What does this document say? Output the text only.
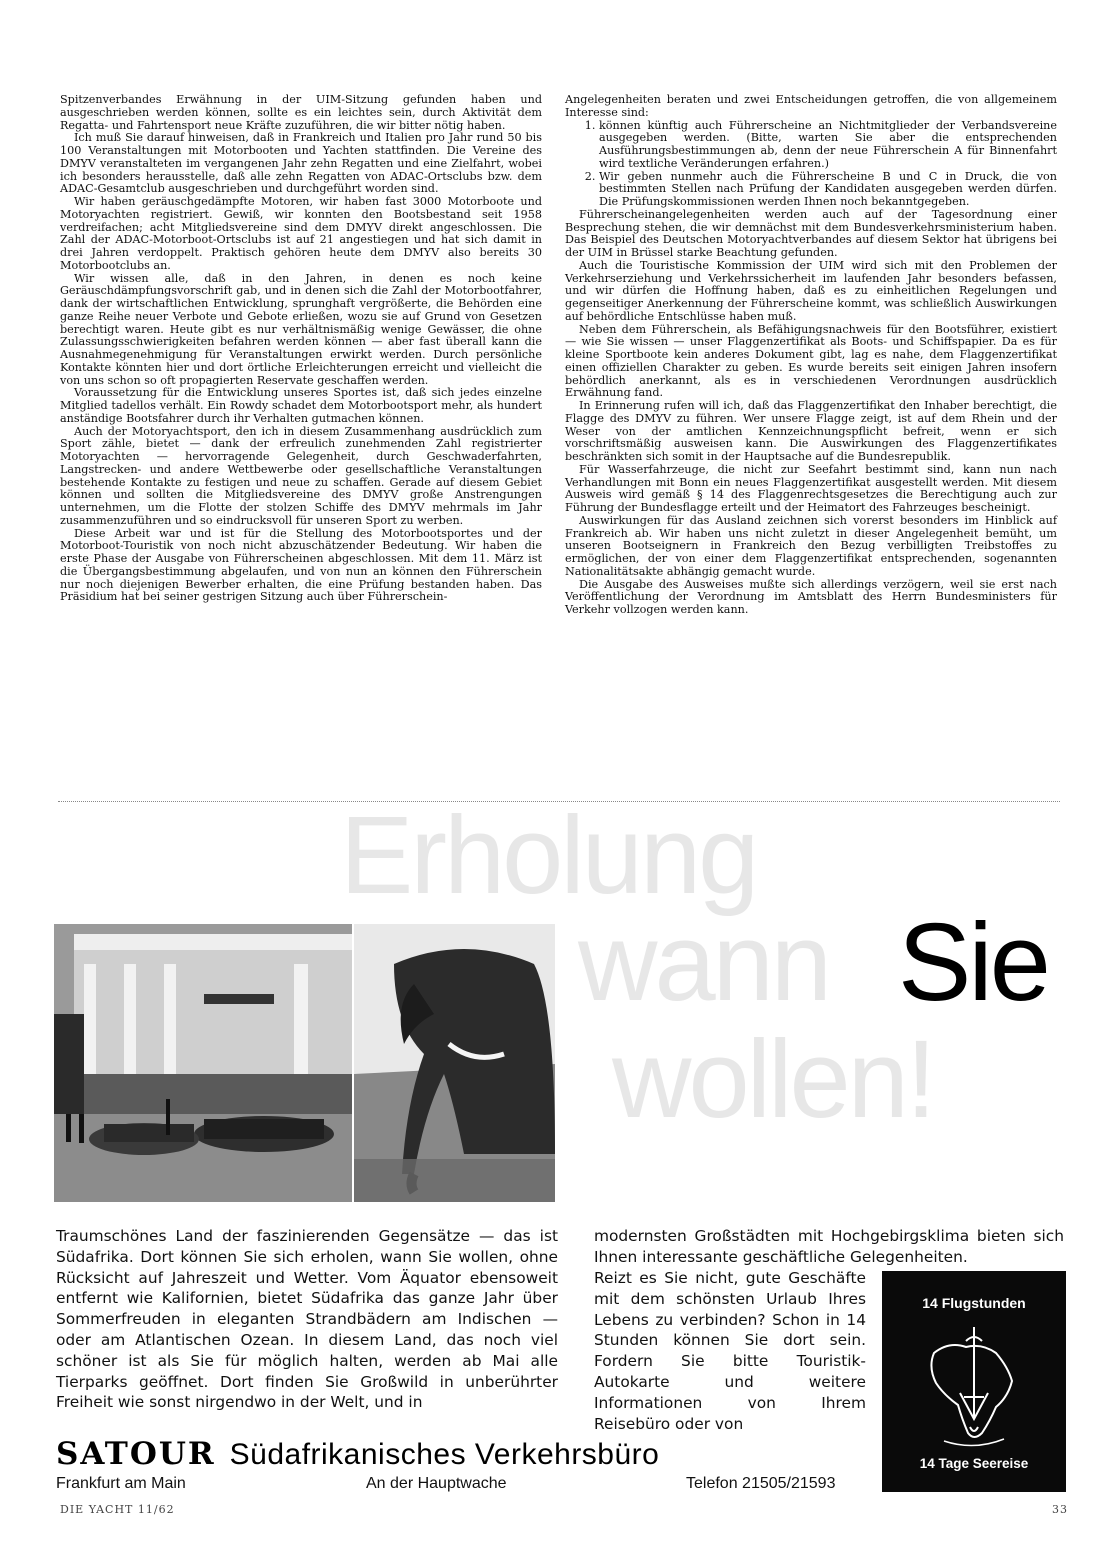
Spitzenverbandes Erwähnung in der UIM-Sitzung gefunden haben und ausgeschrieben werden können, sollte es ein leichtes sein, durch Aktivität dem Regatta- und Fahrtensport neue Kräfte zuzuführen, die wir bitter nötig haben.

Ich muß Sie darauf hinweisen, daß in Frankreich und Italien pro Jahr rund 50 bis 100 Veranstaltungen mit Motorbooten und Yachten stattfinden. Die Vereine des DMYV veranstalteten im vergangenen Jahr zehn Regatten und eine Zielfahrt, wobei ich besonders herausstelle, daß alle zehn Regatten von ADAC-Ortsclubs bzw. dem ADAC-Gesamtclub ausgeschrieben und durchgeführt worden sind.

Wir haben geräuschgedämpfte Motoren, wir haben fast 3000 Motorboote und Motoryachten registriert. Gewiß, wir konnten den Bootsbestand seit 1958 verdreifachen; acht Mitgliedsvereine sind dem DMYV direkt angeschlossen. Die Zahl der ADAC-Motorboot-Ortsclubs ist auf 21 angestiegen und hat sich damit in drei Jahren verdoppelt. Praktisch gehören heute dem DMYV also bereits 30 Motorbootclubs an.

Wir wissen alle, daß in den Jahren, in denen es noch keine Geräuschdämpfungsvorschrift gab, und in denen sich die Zahl der Motorbootfahrer, dank der wirtschaftlichen Entwicklung, sprunghaft vergrößerte, die Behörden eine ganze Reihe neuer Verbote und Gebote erließen, wozu sie auf Grund von Gesetzen berechtigt waren. Heute gibt es nur verhältnismäßig wenige Gewässer, die ohne Zulassungsschwierigkeiten befahren werden können — aber fast überall kann die Ausnahmegenehmigung für Veranstaltungen erwirkt werden. Durch persönliche Kontakte könnten hier und dort örtliche Erleichterungen erreicht und vielleicht die von uns schon so oft propagierten Reservate geschaffen werden.

Voraussetzung für die Entwicklung unseres Sportes ist, daß sich jedes einzelne Mitglied tadellos verhält. Ein Rowdy schadet dem Motorbootsport mehr, als hundert anständige Bootsfahrer durch ihr Verhalten gutmachen können.

Auch der Motoryachtsport, den ich in diesem Zusammenhang ausdrücklich zum Sport zähle, bietet — dank der erfreulich zunehmenden Zahl registrierter Motoryachten — hervorragende Gelegenheit, durch Geschwaderfahrten, Langstrecken- und andere Wettbewerbe oder gesellschaftliche Veranstaltungen bestehende Kontakte zu festigen und neue zu schaffen. Gerade auf diesem Gebiet können und sollten die Mitgliedsvereine des DMYV große Anstrengungen unternehmen, um die Flotte der stolzen Schiffe des DMYV mehrmals im Jahr zusammenzuführen und so eindrucksvoll für unseren Sport zu werben.

Diese Arbeit war und ist für die Stellung des Motorbootsportes und der Motorboot-Touristik von noch nicht abzuschätzender Bedeutung. Wir haben die erste Phase der Ausgabe von Führerscheinen abgeschlossen. Mit dem 11. März ist die Übergangsbestimmung abgelaufen, und von nun an können den Führerschein nur noch diejenigen Bewerber erhalten, die eine Prüfung bestanden haben. Das Präsidium hat bei seiner gestrigen Sitzung auch über Führerschein-

Angelegenheiten beraten und zwei Entscheidungen getroffen, die von allgemeinem Interesse sind:

1. können künftig auch Führerscheine an Nichtmitglieder der Verbandsvereine ausgegeben werden. (Bitte, warten Sie aber die entsprechenden Ausführungsbestimmungen ab, denn der neue Führerschein A für Binnenfahrt wird textliche Veränderungen erfahren.)
2. Wir geben nunmehr auch die Führerscheine B und C in Druck, die von bestimmten Stellen nach Prüfung der Kandidaten ausgegeben werden dürfen. Die Prüfungskommissionen werden Ihnen noch bekanntgegeben.

Führerscheinangelegenheiten werden auch auf der Tagesordnung einer Besprechung stehen, die wir demnächst mit dem Bundesverkehrsministerium haben. Das Beispiel des Deutschen Motoryachtverbandes auf diesem Sektor hat übrigens bei der UIM in Brüssel starke Beachtung gefunden.

Auch die Touristische Kommission der UIM wird sich mit den Problemen der Verkehrserziehung und Verkehrssicherheit im laufenden Jahr besonders befassen, und wir dürfen die Hoffnung haben, daß es zu einheitlichen Regelungen und gegenseitiger Anerkennung der Führerscheine kommt, was schließlich Auswirkungen auf behördliche Entschlüsse haben muß.

Neben dem Führerschein, als Befähigungsnachweis für den Bootsführer, existiert — wie Sie wissen — unser Flaggenzertifikat als Boots- und Schiffspapier. Da es für kleine Sportboote kein anderes Dokument gibt, lag es nahe, dem Flaggenzertifikat einen offiziellen Charakter zu geben. Es wurde bereits seit einigen Jahren insofern behördlich anerkannt, als es in verschiedenen Verordnungen ausdrücklich Erwähnung fand.

In Erinnerung rufen will ich, daß das Flaggenzertifikat den Inhaber berechtigt, die Flagge des DMYV zu führen. Wer unsere Flagge zeigt, ist auf dem Rhein und der Weser von der amtlichen Kennzeichnungspflicht befreit, wenn er sich vorschriftsmäßig ausweisen kann. Die Auswirkungen des Flaggenzertifikates beschränkten sich somit in der Hauptsache auf die Bundesrepublik.

Für Wasserfahrzeuge, die nicht zur Seefahrt bestimmt sind, kann nun nach Verhandlungen mit Bonn ein neues Flaggenzertifikat ausgestellt werden. Mit diesem Ausweis wird gemäß § 14 des Flaggenrechtsgesetzes die Berechtigung auch zur Führung der Bundesflagge erteilt und der Heimatort des Fahrzeuges bescheinigt.

Auswirkungen für das Ausland zeichnen sich vorerst besonders im Hinblick auf Frankreich ab. Wir haben uns nicht zuletzt in dieser Angelegenheit bemüht, um unseren Bootseignern in Frankreich den Bezug verbilligten Treibstoffes zu ermöglichen, der von einer dem Flaggenzertifikat entsprechenden, sogenannten Nationalitätsakte abhängig gemacht wurde.

Die Ausgabe des Ausweises mußte sich allerdings verzögern, weil sie erst nach Veröffentlichung der Verordnung im Amtsblatt des Herrn Bundesministers für Verkehr vollzogen werden kann.

Erholung
wann
wollen!
Sie

Traumschönes Land der faszinierenden Gegensätze — das ist Südafrika. Dort können Sie sich erholen, wann Sie wollen, ohne Rücksicht auf Jahreszeit und Wetter. Vom Äquator ebensoweit entfernt wie Kalifornien, bietet Südafrika das ganze Jahr über Sommerfreuden in eleganten Strandbädern am Indischen — oder am Atlantischen Ozean. In diesem Land, das noch viel schöner ist als Sie für möglich halten, werden ab Mai alle Tierparks geöffnet. Dort finden Sie Großwild in unberührter Freiheit wie sonst nirgendwo in der Welt, und in

modernsten Großstädten mit Hochgebirgsklima bieten sich Ihnen interessante geschäftliche Gelegenheiten.

Reizt es Sie nicht, gute Geschäfte mit dem schönsten Urlaub Ihres Lebens zu verbinden? Schon in 14 Stunden können Sie dort sein. Fordern Sie bitte Touristik-Autokarte und weitere Informationen von Ihrem Reisebüro oder von

14 Flugstunden
14 Tage Seereise
SATOUR Südafrikanisches Verkehrsbüro
Frankfurt am Main	An der Hauptwache	Telefon 21505/21593
DIE YACHT 11/62	33
